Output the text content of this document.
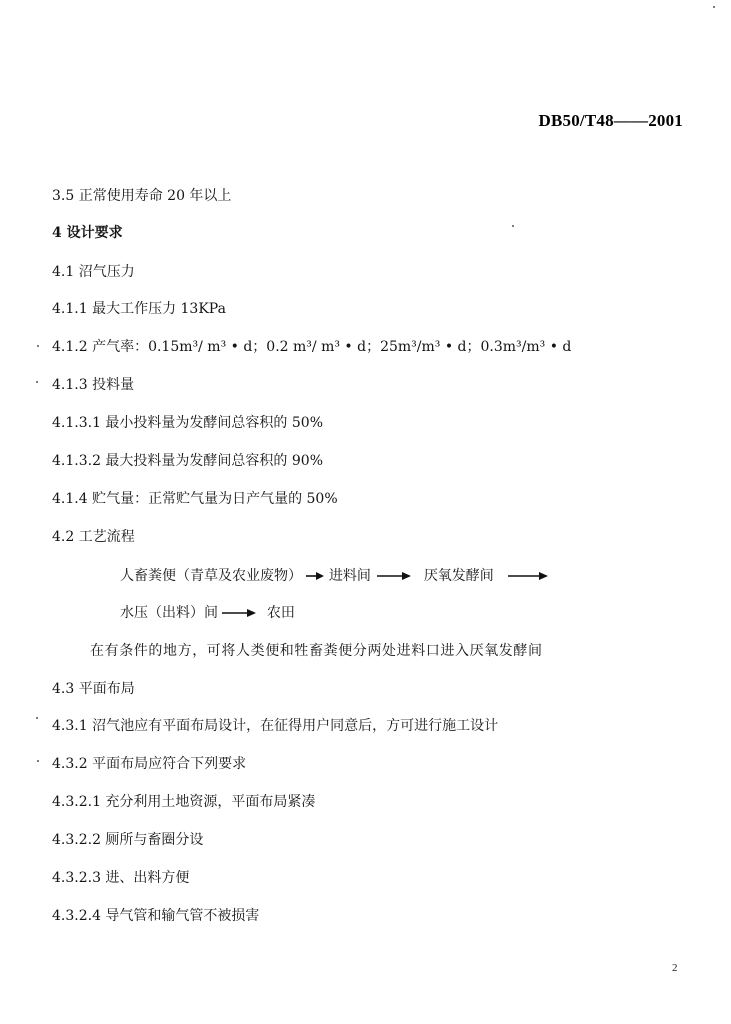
DB50/T48——2001
3.5 正常使用寿命 20 年以上
4 设计要求
4.1 沼气压力
4.1.1 最大工作压力 13KPa
4.1.2 产气率：0.15m³/ m³ • d；0.2 m³/ m³ • d；25m³/m³ • d；0.3m³/m³ • d
4.1.3 投料量
4.1.3.1 最小投料量为发酵间总容积的 50%
4.1.3.2 最大投料量为发酵间总容积的 90%
4.1.4 贮气量：正常贮气量为日产气量的 50%
4.2 工艺流程
人畜粪便（青草及农业废物） 进料间	厌氧发酵间
水压（出料）间	农田
在有条件的地方，可将人类便和牲畜粪便分两处进料口进入厌氧发酵间
4.3 平面布局
4.3.1 沼气池应有平面布局设计，在征得用户同意后，方可进行施工设计
4.3.2 平面布局应符合下列要求
4.3.2.1 充分利用土地资源，平面布局紧凑
4.3.2.2 厕所与畜圈分设
4.3.2.3 进、出料方便
4.3.2.4 导气管和输气管不被损害
2
